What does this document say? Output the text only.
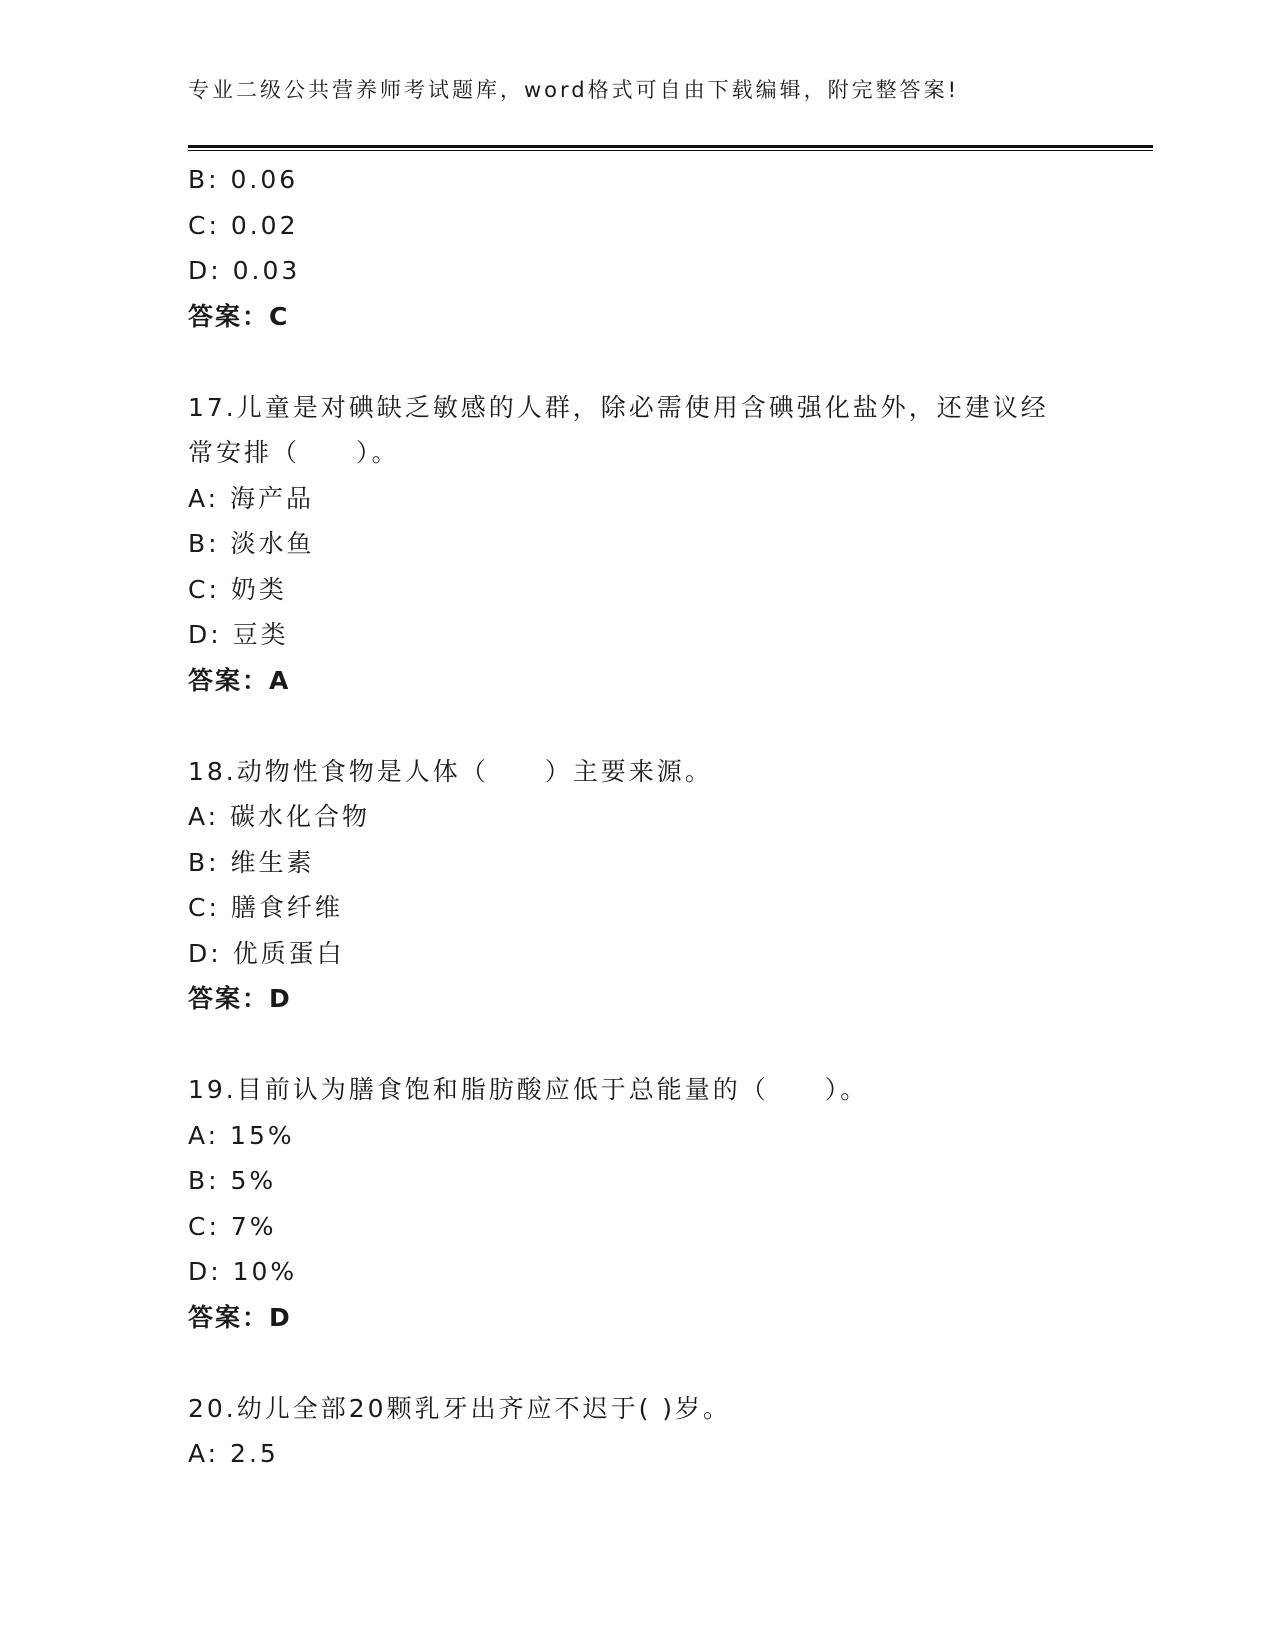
专业二级公共营养师考试题库，word格式可自由下载编辑，附完整答案!
B: 0.06
C: 0.02
D: 0.03
答案：C
17.儿童是对碘缺乏敏感的人群，除必需使用含碘强化盐外，还建议经
常安排（　　）。
A: 海产品
B: 淡水鱼
C: 奶类
D: 豆类
答案：A
18.动物性食物是人体（　　）主要来源。
A: 碳水化合物
B: 维生素
C: 膳食纤维
D: 优质蛋白
答案：D
19.目前认为膳食饱和脂肪酸应低于总能量的（　　）。
A: 15%
B: 5%
C: 7%
D: 10%
答案：D
20.幼儿全部20颗乳牙出齐应不迟于( )岁。
A: 2.5
